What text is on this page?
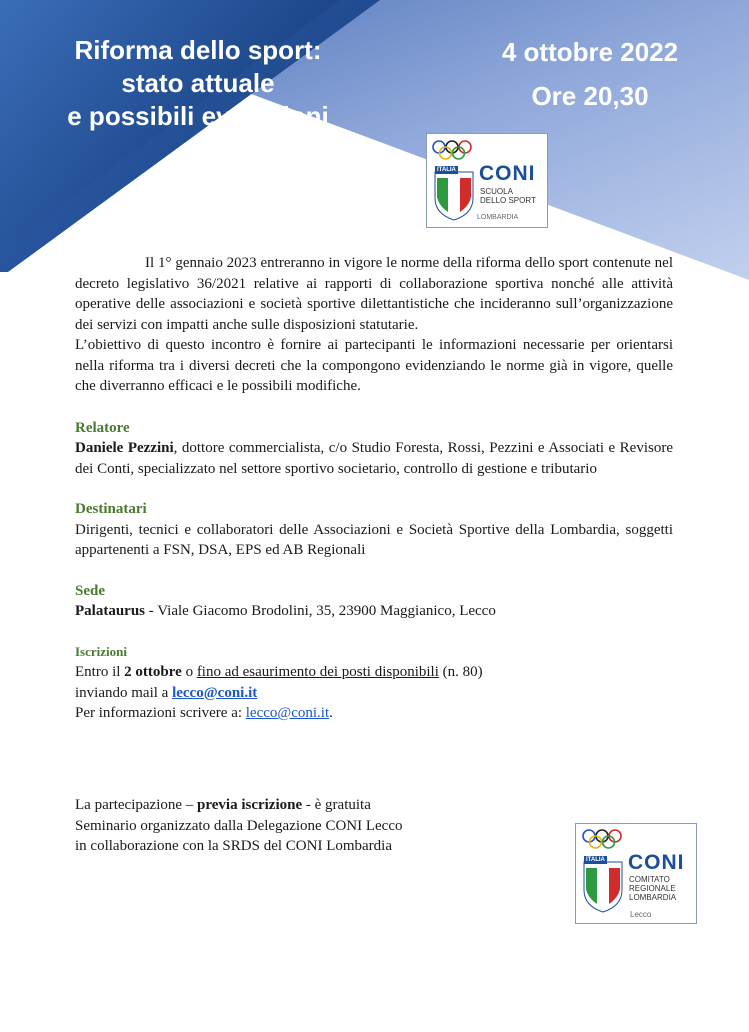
Riforma dello sport:
stato attuale
e possibili evoluzioni
4 ottobre 2022
Ore 20,30
ITALIA CONI
SCUOLA
DELLO SPORT
LOMBARDIA

Il 1° gennaio 2023 entreranno in vigore le norme della riforma dello sport contenute nel decreto legislativo 36/2021 relative ai rapporti di collaborazione sportiva nonché alle attività operative delle associazioni e società sportive dilettantistiche che incideranno sull’organizzazione dei servizi con impatti anche sulle disposizioni statutarie.

L’obiettivo di questo incontro è fornire ai partecipanti le informazioni necessarie per orientarsi nella riforma tra i diversi decreti che la compongono evidenziando le norme già in vigore, quelle che diverranno efficaci e le possibili modifiche.

Relatore

Daniele Pezzini, dottore commercialista, c/o Studio Foresta, Rossi, Pezzini e Associati e Revisore dei Conti, specializzato nel settore sportivo societario, controllo di gestione e tributario

Destinatari

Dirigenti, tecnici e collaboratori delle Associazioni e Società Sportive della Lombardia, soggetti appartenenti a FSN, DSA, EPS ed AB Regionali

Sede

Palataurus - Viale Giacomo Brodolini, 35, 23900 Maggianico, Lecco

Iscrizioni
Entro il 2 ottobre o fino ad esaurimento dei posti disponibili (n. 80)
inviando mail a lecco@coni.it
Per informazioni scrivere a: lecco@coni.it.
La partecipazione – previa iscrizione - è gratuita
Seminario organizzato dalla Delegazione CONI Lecco
in collaborazione con la SRDS del CONI Lombardia
ITALIA CONI
COMITATO
REGIONALE
LOMBARDIA
Lecco
